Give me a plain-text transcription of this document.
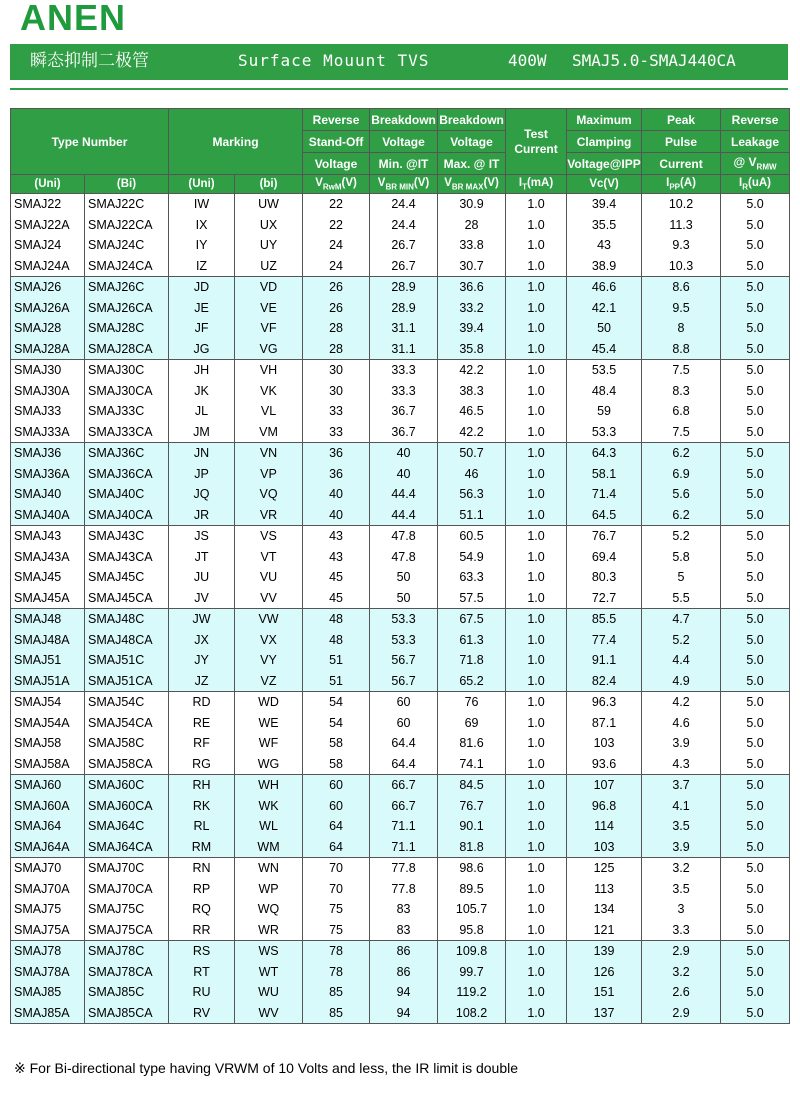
ANEN
瞬态抑制二极管	Surface Mouunt TVS	400W SMAJ5.0-SMAJ440CA
Type Number		Marking		Reverse	Breakdown	Breakdown	Test Current	Maximum	Peak	Reverse
				Stand-Off	Voltage	Voltage		Clamping	Pulse	Leakage
				Voltage	Min. @IT	Max. @ IT		Voltage@IPP	Current	@ $V_{RMW}$
(Uni)	(Bi)	(Uni)	(bi)	$V_{RwM}(V)$	$V_{BR MIN}(V)$	$V_{BR MAX}(V)$	$I_T(mA)$	Vc(V)	$I_{PP}(A)$	$I_R(uA)$
SMAJ22	SMAJ22C	IW	UW	22	24.4	30.9	1.0	39.4	10.2	5.0
SMAJ22A	SMAJ22CA	IX	UX	22	24.4	28	1.0	35.5	11.3	5.0
SMAJ24	SMAJ24C	IY	UY	24	26.7	33.8	1.0	43	9.3	5.0
SMAJ24A	SMAJ24CA	IZ	UZ	24	26.7	30.7	1.0	38.9	10.3	5.0
SMAJ26	SMAJ26C	JD	VD	26	28.9	36.6	1.0	46.6	8.6	5.0
SMAJ26A	SMAJ26CA	JE	VE	26	28.9	33.2	1.0	42.1	9.5	5.0
SMAJ28	SMAJ28C	JF	VF	28	31.1	39.4	1.0	50	8	5.0
SMAJ28A	SMAJ28CA	JG	VG	28	31.1	35.8	1.0	45.4	8.8	5.0
SMAJ30	SMAJ30C	JH	VH	30	33.3	42.2	1.0	53.5	7.5	5.0
SMAJ30A	SMAJ30CA	JK	VK	30	33.3	38.3	1.0	48.4	8.3	5.0
SMAJ33	SMAJ33C	JL	VL	33	36.7	46.5	1.0	59	6.8	5.0
SMAJ33A	SMAJ33CA	JM	VM	33	36.7	42.2	1.0	53.3	7.5	5.0
SMAJ36	SMAJ36C	JN	VN	36	40	50.7	1.0	64.3	6.2	5.0
SMAJ36A	SMAJ36CA	JP	VP	36	40	46	1.0	58.1	6.9	5.0
SMAJ40	SMAJ40C	JQ	VQ	40	44.4	56.3	1.0	71.4	5.6	5.0
SMAJ40A	SMAJ40CA	JR	VR	40	44.4	51.1	1.0	64.5	6.2	5.0
SMAJ43	SMAJ43C	JS	VS	43	47.8	60.5	1.0	76.7	5.2	5.0
SMAJ43A	SMAJ43CA	JT	VT	43	47.8	54.9	1.0	69.4	5.8	5.0
SMAJ45	SMAJ45C	JU	VU	45	50	63.3	1.0	80.3	5	5.0
SMAJ45A	SMAJ45CA	JV	VV	45	50	57.5	1.0	72.7	5.5	5.0
SMAJ48	SMAJ48C	JW	VW	48	53.3	67.5	1.0	85.5	4.7	5.0
SMAJ48A	SMAJ48CA	JX	VX	48	53.3	61.3	1.0	77.4	5.2	5.0
SMAJ51	SMAJ51C	JY	VY	51	56.7	71.8	1.0	91.1	4.4	5.0
SMAJ51A	SMAJ51CA	JZ	VZ	51	56.7	65.2	1.0	82.4	4.9	5.0
SMAJ54	SMAJ54C	RD	WD	54	60	76	1.0	96.3	4.2	5.0
SMAJ54A	SMAJ54CA	RE	WE	54	60	69	1.0	87.1	4.6	5.0
SMAJ58	SMAJ58C	RF	WF	58	64.4	81.6	1.0	103	3.9	5.0
SMAJ58A	SMAJ58CA	RG	WG	58	64.4	74.1	1.0	93.6	4.3	5.0
SMAJ60	SMAJ60C	RH	WH	60	66.7	84.5	1.0	107	3.7	5.0
SMAJ60A	SMAJ60CA	RK	WK	60	66.7	76.7	1.0	96.8	4.1	5.0
SMAJ64	SMAJ64C	RL	WL	64	71.1	90.1	1.0	114	3.5	5.0
SMAJ64A	SMAJ64CA	RM	WM	64	71.1	81.8	1.0	103	3.9	5.0
SMAJ70	SMAJ70C	RN	WN	70	77.8	98.6	1.0	125	3.2	5.0
SMAJ70A	SMAJ70CA	RP	WP	70	77.8	89.5	1.0	113	3.5	5.0
SMAJ75	SMAJ75C	RQ	WQ	75	83	105.7	1.0	134	3	5.0
SMAJ75A	SMAJ75CA	RR	WR	75	83	95.8	1.0	121	3.3	5.0
SMAJ78	SMAJ78C	RS	WS	78	86	109.8	1.0	139	2.9	5.0
SMAJ78A	SMAJ78CA	RT	WT	78	86	99.7	1.0	126	3.2	5.0
SMAJ85	SMAJ85C	RU	WU	85	94	119.2	1.0	151	2.6	5.0
SMAJ85A	SMAJ85CA	RV	WV	85	94	108.2	1.0	137	2.9	5.0
※ For Bi-directional type having VRWM of 10 Volts and less, the IR limit is double
